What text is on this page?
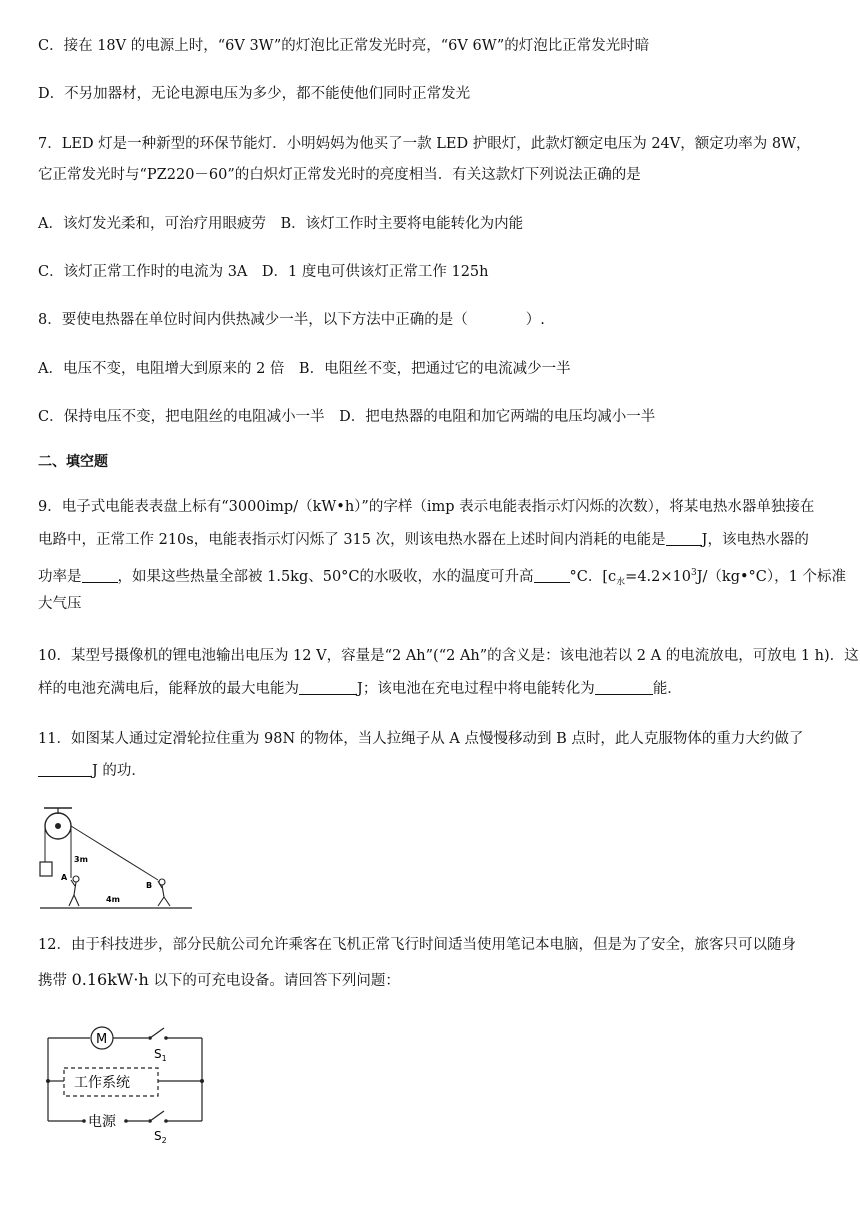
C．接在 18V 的电源上时，“6V 3W”的灯泡比正常发光时亮，“6V 6W”的灯泡比正常发光时暗
D．不另加器材，无论电源电压为多少，都不能使他们同时正常发光
7．LED 灯是一种新型的环保节能灯．小明妈妈为他买了一款 LED 护眼灯，此款灯额定电压为 24V，额定功率为 8W，
它正常发光时与“PZ220－60”的白炽灯正常发光时的亮度相当．有关这款灯下列说法正确的是
A．该灯发光柔和，可治疗用眼疲劳　B．该灯工作时主要将电能转化为内能
C．该灯正常工作时的电流为 3A　D．1 度电可供该灯正常工作 125h
8．要使电热器在单位时间内供热减少一半，以下方法中正确的是（　　　　）.
A．电压不变，电阻增大到原来的 2 倍　B．电阻丝不变，把通过它的电流减少一半
C．保持电压不变，把电阻丝的电阻减小一半　D．把电热器的电阻和加它两端的电压均减小一半
二、填空题
9．电子式电能表表盘上标有“3000imp/（kW•h）”的字样（imp 表示电能表指示灯闪烁的次数），将某电热水器单独接在
电路中，正常工作 210s，电能表指示灯闪烁了 315 次，则该电热水器在上述时间内消耗的电能是 J，该电热水器的
功率是 ，如果这些热量全部被 1.5kg、50°C的水吸收，水的温度可升高 °C．[$c_水=4.2\times 10^3J/(kg•^\circ C)$，1 个标准
大气压
10．某型号摄像机的锂电池输出电压为 12 V，容量是“2 Ah”(“2 Ah”的含义是：该电池若以 2 A 的电流放电，可放电 1 h)．这
样的电池充满电后，能释放的最大电能为	J；该电池在充电过程中将电能转化为	能．
11．如图某人通过定滑轮拉住重为 98N 的物体，当人拉绳子从 A 点慢慢移动到 B 点时，此人克服物体的重力大约做了
J 的功．
3m
A
B
4m
12．由于科技进步，部分民航公司允许乘客在飞机正常飞行时间适当使用笔记本电脑，但是为了安全，旅客只可以随身
携带 0.16kW·h 以下的可充电设备。请回答下列问题：
M
$S_1$
工作系统
电源
$S_2$
